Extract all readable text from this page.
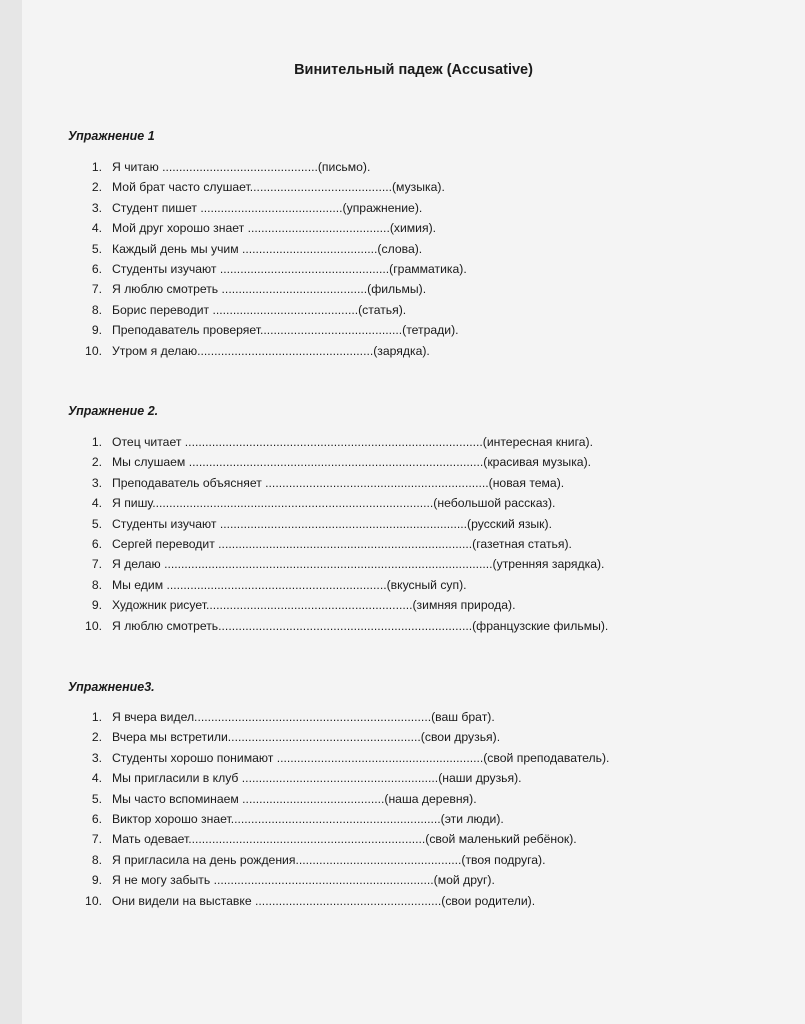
Винительный падеж (Accusative)
Упражнение 1
1. Я читаю ..............................................(письмо).
2. Мой брат часто слушает..........................................(музыка).
3. Студент пишет ..........................................(упражнение).
4. Мой друг хорошо знает ..........................................(химия).
5. Каждый день мы учим ........................................(слова).
6. Студенты изучают ..................................................(грамматика).
7. Я люблю смотреть ...........................................(фильмы).
8. Борис переводит ...........................................(статья).
9. Преподаватель проверяет..........................................(тетради).
10. Утром я делаю....................................................(зарядка).
Упражнение 2.
1. Отец читает ........................................................................................(интересная книга).
2. Мы слушаем .......................................................................................(красивая музыка).
3. Преподаватель объясняет ..................................................................(новая тема).
4. Я пишу...................................................................................(небольшой рассказ).
5. Студенты изучают .........................................................................(русский язык).
6. Сергей переводит ...........................................................................(газетная статья).
7. Я делаю .................................................................................................(утренняя зарядка).
8. Мы едим .................................................................(вкусный суп).
9. Художник рисует.............................................................(зимняя природа).
10. Я люблю смотреть...........................................................................(французские фильмы).
Упражнение3.
1. Я вчера видел......................................................................(ваш брат).
2. Вчера мы встретили.........................................................(свои друзья).
3. Студенты хорошо понимают .............................................................(свой преподаватель).
4. Мы пригласили в клуб ..........................................................(наши друзья).
5. Мы часто вспоминаем ..........................................(наша деревня).
6. Виктор хорошо знает..............................................................(эти люди).
7. Мать одевает......................................................................(свой маленький ребёнок).
8. Я пригласила на день рождения.................................................(твоя подруга).
9. Я не могу забыть .................................................................(мой друг).
10. Они видели на выставке .......................................................(свои родители).
